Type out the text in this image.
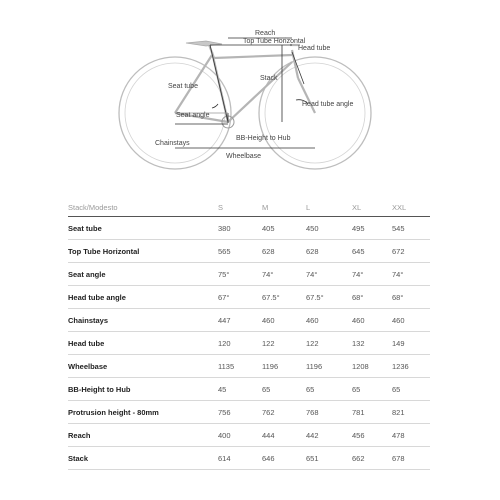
Reach
Top Tube Horizontal
Head tube
Stack
Seat tube
Head tube angle
Seat angle
BB-Height to Hub
Chainstays
Wheelbase
Stack/Modesto	S	M	L	XL	XXL
Seat tube	380	405	450	495	545
Top Tube Horizontal	565	628	628	645	672
Seat angle	75°	74°	74°	74°	74°
Head tube angle	67°	67.5°	67.5°	68°	68°
Chainstays	447	460	460	460	460
Head tube	120	122	122	132	149
Wheelbase	1135	1196	1196	1208	1236
BB-Height to Hub	45	65	65	65	65
Protrusion height - 80mm	756	762	768	781	821
Reach	400	444	442	456	478
Stack	614	646	651	662	678
